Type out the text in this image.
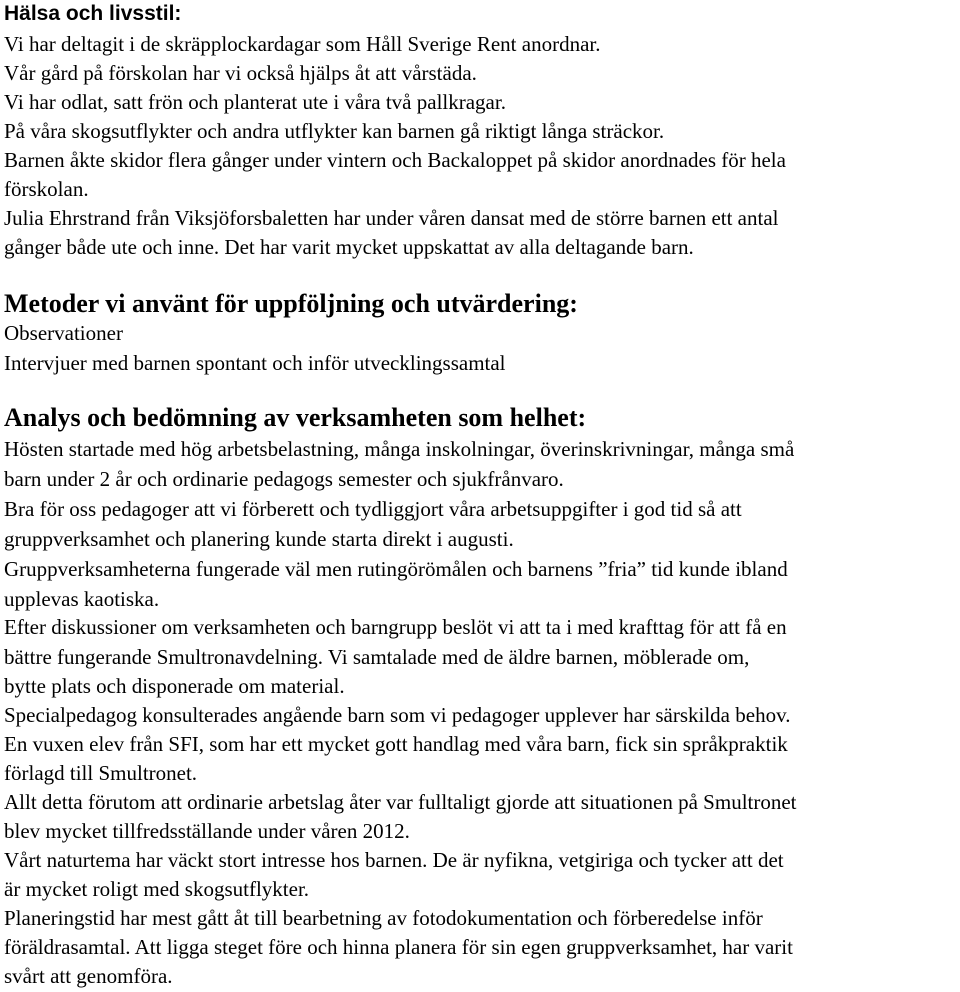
Hälsa och livsstil:
Vi har deltagit i de skräpplockardagar som Håll Sverige Rent anordnar.
Vår gård på förskolan har vi också hjälps åt att vårstäda.
Vi har odlat, satt frön och planterat ute i våra två pallkragar.
På våra skogsutflykter och andra utflykter kan barnen gå riktigt långa sträckor.
Barnen åkte skidor flera gånger under vintern och Backaloppet på skidor anordnades för hela
förskolan.
Julia Ehrstrand från Viksjöforsbaletten har under våren dansat med de större barnen ett antal
gånger både ute och inne. Det har varit mycket uppskattat av alla deltagande barn.
Metoder vi använt för uppföljning och utvärdering:
Observationer
Intervjuer med barnen spontant och inför utvecklingssamtal
Analys och bedömning av verksamheten som helhet:
Hösten startade med hög arbetsbelastning, många inskolningar, överinskrivningar, många små
barn under 2 år och ordinarie pedagogs semester och sjukfrånvaro.
Bra för oss pedagoger att vi förberett och tydliggjort våra arbetsuppgifter i god tid så att
gruppverksamhet och planering kunde starta direkt i augusti.
Gruppverksamheterna fungerade väl men rutingörömålen och barnens ”fria” tid kunde ibland
upplevas kaotiska.
Efter diskussioner om verksamheten och barngrupp beslöt vi att ta i med krafttag för att få en
bättre fungerande Smultronavdelning. Vi samtalade med de äldre barnen, möblerade om,
bytte plats och disponerade om material.
Specialpedagog konsulterades angående barn som vi pedagoger upplever har särskilda behov.
En vuxen elev från SFI, som har ett mycket gott handlag med våra barn, fick sin språkpraktik
förlagd till Smultronet.
Allt detta förutom att ordinarie arbetslag åter var fulltaligt gjorde att situationen på Smultronet
blev mycket tillfredsställande under våren 2012.
Vårt naturtema har väckt stort intresse hos barnen. De är nyfikna, vetgiriga och tycker att det
är mycket roligt med skogsutflykter.
Planeringstid har mest gått åt till bearbetning av fotodokumentation och förberedelse inför
föräldrasamtal. Att ligga steget före och hinna planera för sin egen gruppverksamhet, har varit
svårt att genomföra.
